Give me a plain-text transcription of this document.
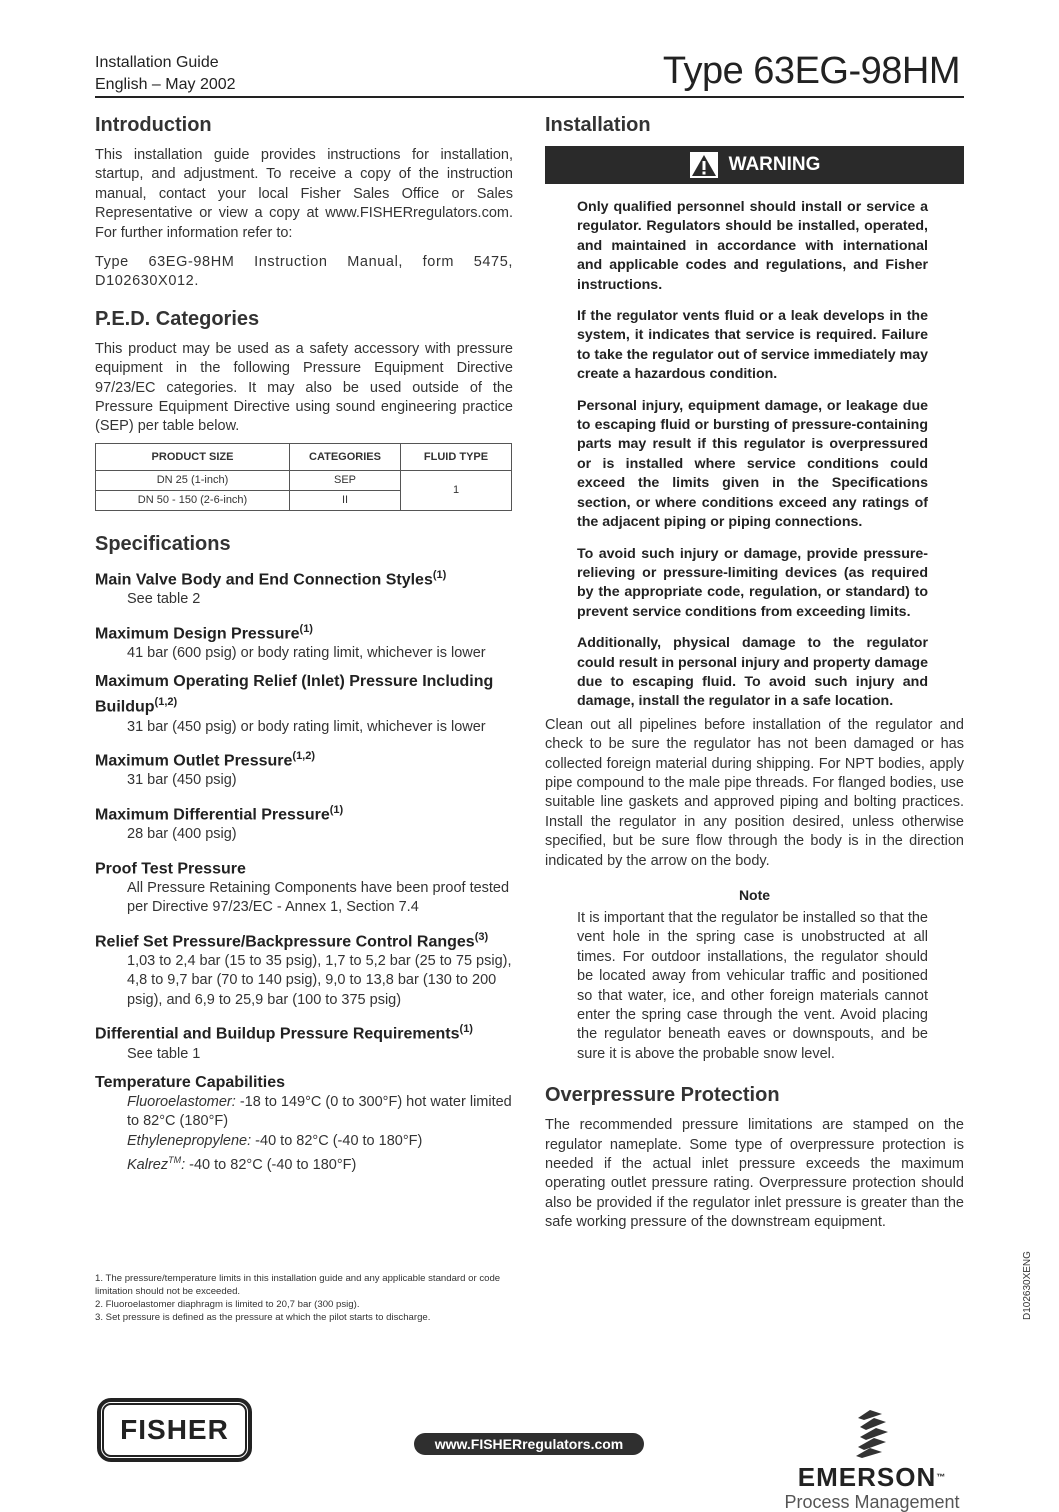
Installation Guide
English – May 2002	Type 63EG-98HM
Introduction

This installation guide provides instructions for installation, startup, and adjustment. To receive a copy of the instruction manual, contact your local Fisher Sales Office or Sales Representative or view a copy at www.FISHERregulators.com. For further information refer to:

Type 63EG-98HM Instruction Manual, form 5475, D102630X012.

P.E.D. Categories

This product may be used as a safety accessory with pressure equipment in the following Pressure Equipment Directive 97/23/EC categories. It may also be used outside of the Pressure Equipment Directive using sound engineering practice (SEP) per table below.

PRODUCT SIZE	CATEGORIES	FLUID TYPE
DN 25 (1-inch)	SEP	1
DN 50 - 150 (2-6-inch)	II	
Specifications
Main Valve Body and End Connection Styles$^{(1)}$
See table 2
Maximum Design Pressure$^{(1)}$
41 bar (600 psig) or body rating limit, whichever is lower
Maximum Operating Relief (Inlet) Pressure Including Buildup$^{(1,2)}$
31 bar (450 psig) or body rating limit, whichever is lower
Maximum Outlet Pressure$^{(1,2)}$
31 bar (450 psig)
Maximum Differential Pressure$^{(1)}$
28 bar (400 psig)
Proof Test Pressure
All Pressure Retaining Components have been proof tested per Directive 97/23/EC - Annex 1, Section 7.4
Relief Set Pressure/Backpressure Control Ranges$^{(3)}$
1,03 to 2,4 bar (15 to 35 psig), 1,7 to 5,2 bar (25 to 75 psig), 4,8 to 9,7 bar (70 to 140 psig), 9,0 to 13,8 bar (130 to 200 psig), and 6,9 to 25,9 bar (100 to 375 psig)
Differential and Buildup Pressure Requirements$^{(1)}$
See table 1
Temperature Capabilities
Fluoroelastomer: -18 to 149°C (0 to 300°F) hot water limited to 82°C (180°F)
Ethylenepropylene: -40 to 82°C (-40 to 180°F)
Kalrez™: -40 to 82°C (-40 to 180°F)
1. The pressure/temperature limits in this installation guide and any applicable standard or code limitation should not be exceeded.
2. Fluoroelastomer diaphragm is limited to 20,7 bar (300 psig).
3. Set pressure is defined as the pressure at which the pilot starts to discharge.
Installation
WARNING
Only qualified personnel should install or service a regulator. Regulators should be installed, operated, and maintained in accordance with international and applicable codes and regulations, and Fisher instructions.
If the regulator vents fluid or a leak develops in the system, it indicates that service is required. Failure to take the regulator out of service immediately may create a hazardous condition.
Personal injury, equipment damage, or leakage due to escaping fluid or bursting of pressure-containing parts may result if this regulator is overpressured or is installed where service conditions could exceed the limits given in the Specifications section, or where conditions exceed any ratings of the adjacent piping or piping connections.
To avoid such injury or damage, provide pressure-relieving or pressure-limiting devices (as required by the appropriate code, regulation, or standard) to prevent service conditions from exceeding limits.
Additionally, physical damage to the regulator could result in personal injury and property damage due to escaping fluid. To avoid such injury and damage, install the regulator in a safe location.

Clean out all pipelines before installation of the regulator and check to be sure the regulator has not been damaged or has collected foreign material during shipping. For NPT bodies, apply pipe compound to the male pipe threads. For flanged bodies, use suitable line gaskets and approved piping and bolting practices. Install the regulator in any position desired, unless otherwise specified, but be sure flow through the body is in the direction indicated by the arrow on the body.

Note
It is important that the regulator be installed so that the vent hole in the spring case is unobstructed at all times. For outdoor installations, the regulator should be located away from vehicular traffic and positioned so that water, ice, and other foreign materials cannot enter the spring case through the vent. Avoid placing the regulator beneath eaves or downspouts, and be sure it is above the probable snow level.
Overpressure Protection

The recommended pressure limitations are stamped on the regulator nameplate. Some type of overpressure protection is needed if the actual inlet pressure exceeds the maximum operating outlet pressure rating. Overpressure protection should also be provided if the regulator inlet pressure is greater than the safe working pressure of the downstream equipment.

D102630XENG
FISHER	www.FISHERregulators.com
EMERSON™
Process Management
